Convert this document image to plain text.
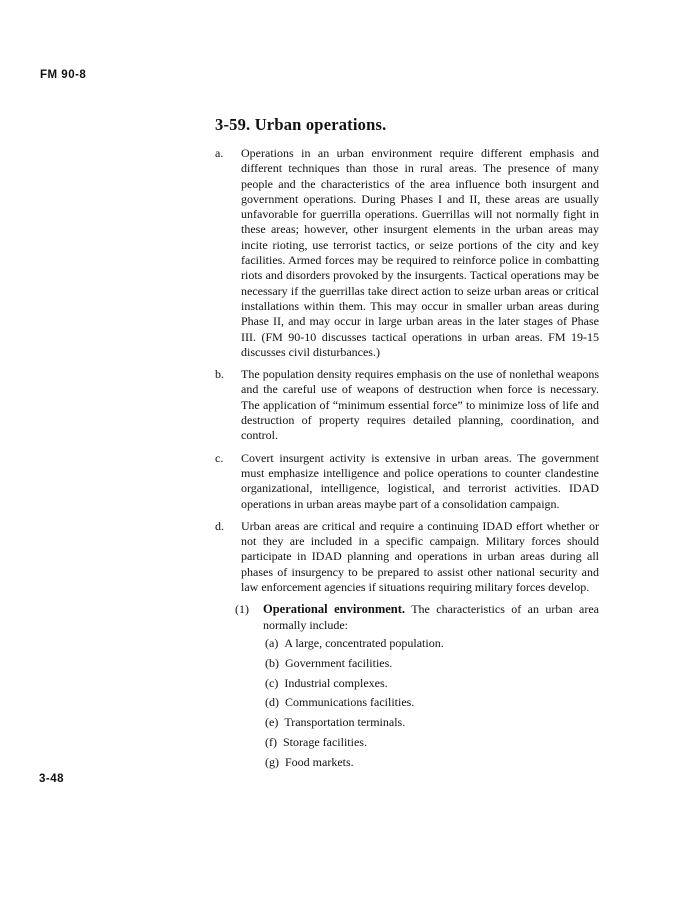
FM 90-8
3-59. Urban operations.
a. Operations in an urban environment require different emphasis and different techniques than those in rural areas. The presence of many people and the characteristics of the area influence both insurgent and government operations. During Phases I and II, these areas are usually unfavorable for guerrilla operations. Guerrillas will not normally fight in these areas; however, other insurgent elements in the urban areas may incite rioting, use terrorist tactics, or seize portions of the city and key facilities. Armed forces may be required to reinforce police in combatting riots and disorders provoked by the insurgents. Tactical operations may be necessary if the guerrillas take direct action to seize urban areas or critical installations within them. This may occur in smaller urban areas during Phase II, and may occur in large urban areas in the later stages of Phase III. (FM 90-10 discusses tactical operations in urban areas. FM 19-15 discusses civil disturbances.)

b. The population density requires emphasis on the use of nonlethal weapons and the careful use of weapons of destruction when force is necessary. The application of “minimum essential force” to minimize loss of life and destruction of property requires detailed planning, coordination, and control.

c. Covert insurgent activity is extensive in urban areas. The government must emphasize intelligence and police operations to counter clandestine organizational, intelligence, logistical, and terrorist activities. IDAD operations in urban areas maybe part of a consolidation campaign.

d. Urban areas are critical and require a continuing IDAD effort whether or not they are included in a specific campaign. Military forces should participate in IDAD planning and operations in urban areas during all phases of insurgency to be prepared to assist other national security and law enforcement agencies if situations requiring military forces develop.

(1) Operational environment. The characteristics of an urban area normally include:

(a) A large, concentrated population.
(b) Government facilities.
(c) Industrial complexes.
(d) Communications facilities.
(e) Transportation terminals.
(f) Storage facilities.
(g) Food markets.
3-48
